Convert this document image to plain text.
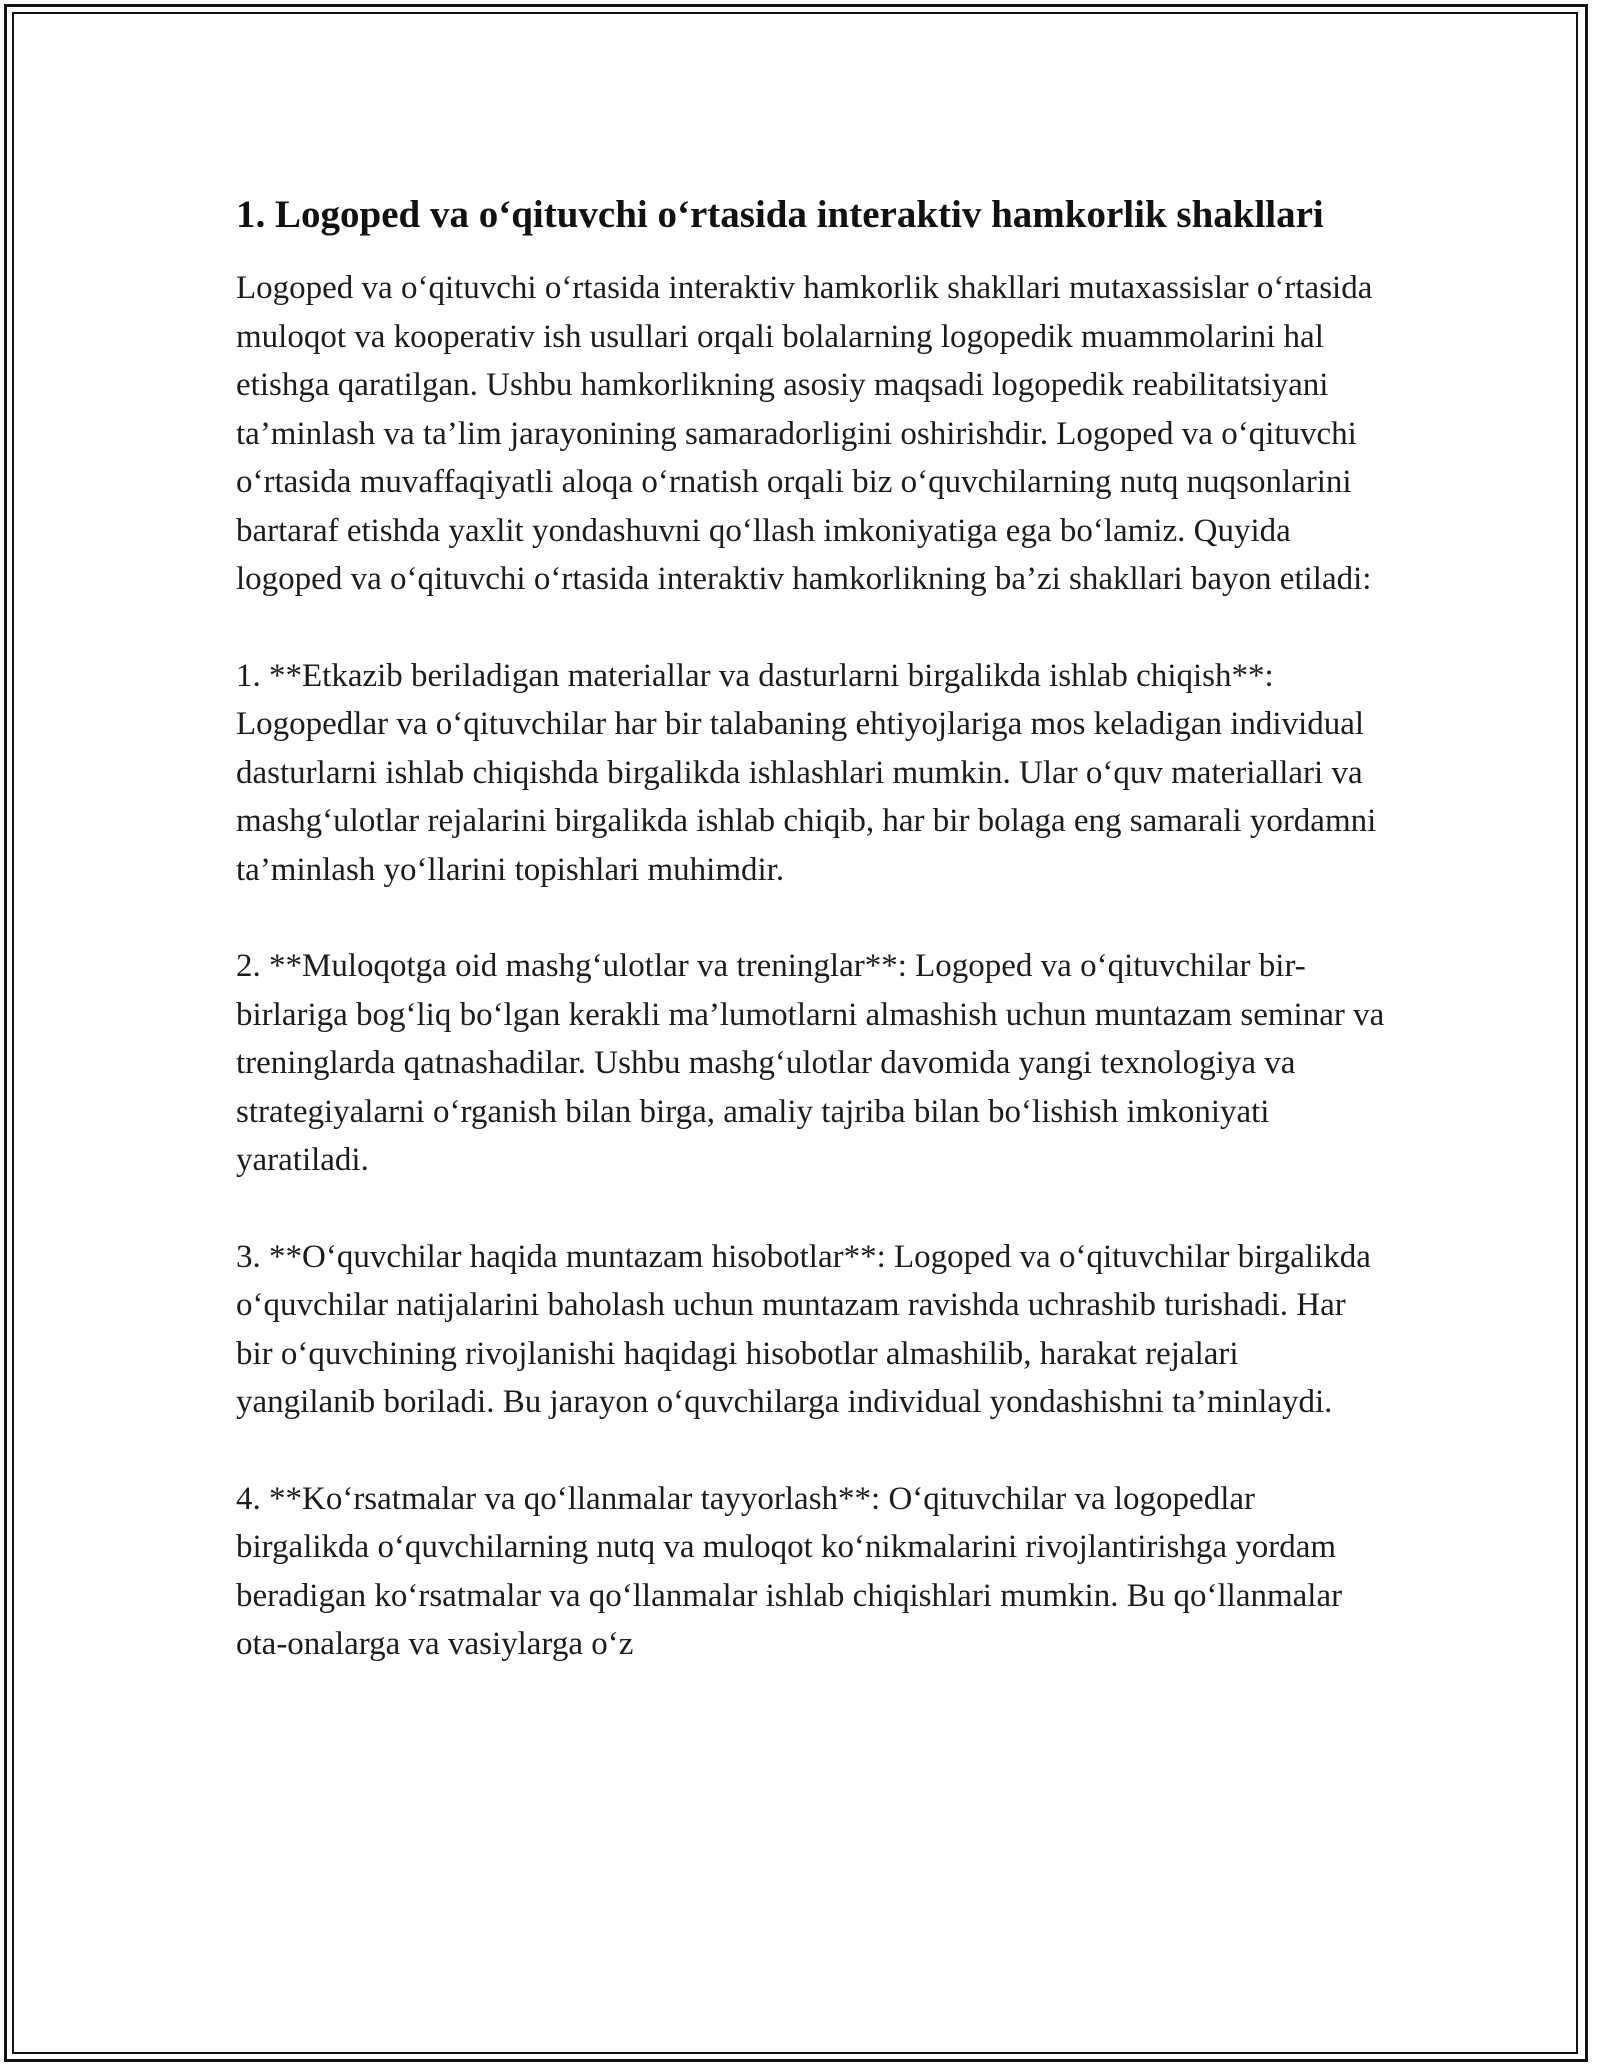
1. Logoped va o‘qituvchi o‘rtasida interaktiv hamkorlik shakllari

Logoped va o‘qituvchi o‘rtasida interaktiv hamkorlik shakllari mutaxassislar o‘rtasida muloqot va kooperativ ish usullari orqali bolalarning logopedik muammolarini hal etishga qaratilgan. Ushbu hamkorlikning asosiy maqsadi logopedik reabilitatsiyani ta’minlash va ta’lim jarayonining samaradorligini oshirishdir. Logoped va o‘qituvchi o‘rtasida muvaffaqiyatli aloqa o‘rnatish orqali biz o‘quvchilarning nutq nuqsonlarini bartaraf etishda yaxlit yondashuvni qo‘llash imkoniyatiga ega bo‘lamiz. Quyida logoped va o‘qituvchi o‘rtasida interaktiv hamkorlikning ba’zi shakllari bayon etiladi:

1. **Etkazib beriladigan materiallar va dasturlarni birgalikda ishlab chiqish**: Logopedlar va o‘qituvchilar har bir talabaning ehtiyojlariga mos keladigan individual dasturlarni ishlab chiqishda birgalikda ishlashlari mumkin. Ular o‘quv materiallari va mashg‘ulotlar rejalarini birgalikda ishlab chiqib, har bir bolaga eng samarali yordamni ta’minlash yo‘llarini topishlari muhimdir.

2. **Muloqotga oid mashg‘ulotlar va treninglar**: Logoped va o‘qituvchilar bir-birlariga bog‘liq bo‘lgan kerakli ma’lumotlarni almashish uchun muntazam seminar va treninglarda qatnashadilar. Ushbu mashg‘ulotlar davomida yangi texnologiya va strategiyalarni o‘rganish bilan birga, amaliy tajriba bilan bo‘lishish imkoniyati yaratiladi.

3. **O‘quvchilar haqida muntazam hisobotlar**: Logoped va o‘qituvchilar birgalikda o‘quvchilar natijalarini baholash uchun muntazam ravishda uchrashib turishadi. Har bir o‘quvchining rivojlanishi haqidagi hisobotlar almashilib, harakat rejalari yangilanib boriladi. Bu jarayon o‘quvchilarga individual yondashishni ta’minlaydi.

4. **Ko‘rsatmalar va qo‘llanmalar tayyorlash**: O‘qituvchilar va logopedlar birgalikda o‘quvchilarning nutq va muloqot ko‘nikmalarini rivojlantirishga yordam beradigan ko‘rsatmalar va qo‘llanmalar ishlab chiqishlari mumkin. Bu qo‘llanmalar ota-onalarga va vasiylarga o‘z
